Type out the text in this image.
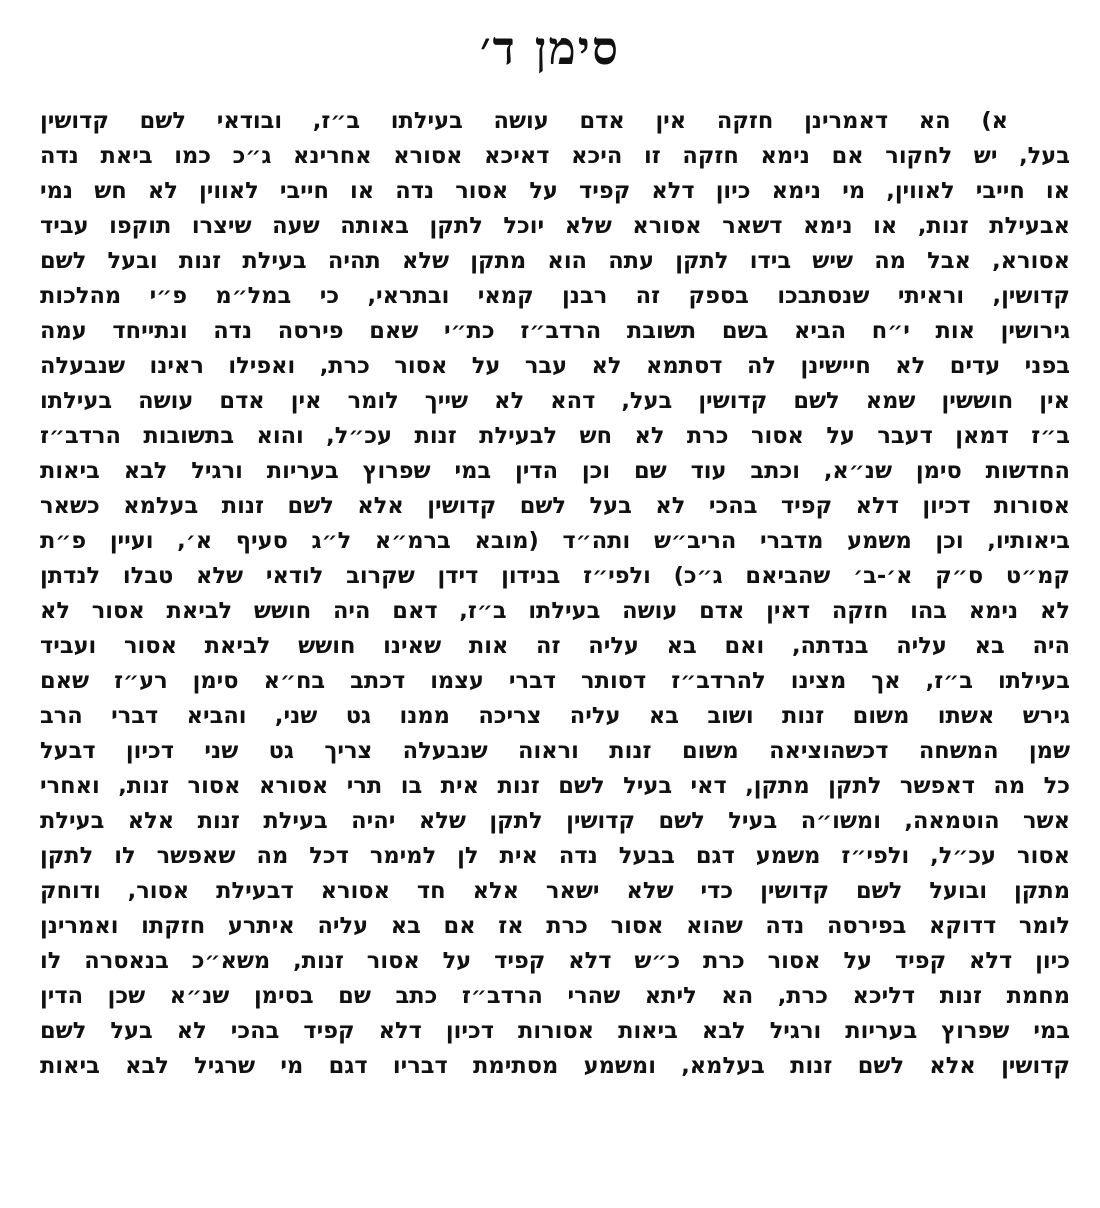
סימן ד׳
א) הא דאמרינן חזקה אין אדם עושה בעילתו ב״ז, ובודאי לשם קדושין
בעל, יש לחקור אם נימא חזקה זו היכא דאיכא אסורא אחרינא ג״כ כמו ביאת נדה
או חייבי לאווין, מי נימא כיון דלא קפיד על אסור נדה או חייבי לאווין לא חש נמי
אבעילת זנות, או נימא דשאר אסורא שלא יוכל לתקן באותה שעה שיצרו תוקפו עביד
אסורא, אבל מה שיש בידו לתקן עתה הוא מתקן שלא תהיה בעילת זנות ובעל לשם
קדושין, וראיתי שנסתבכו בספק זה רבנן קמאי ובתראי, כי במל״מ פ״י מהלכות
גירושין אות י״ח הביא בשם תשובת הרדב״ז כת״י שאם פירסה נדה ונתייחד עמה
בפני עדים לא חיישינן לה דסתמא לא עבר על אסור כרת, ואפילו ראינו שנבעלה
אין חוששין שמא לשם קדושין בעל, דהא לא שייך לומר אין אדם עושה בעילתו
ב״ז דמאן דעבר על אסור כרת לא חש לבעילת זנות עכ״ל, והוא בתשובות הרדב״ז
החדשות סימן שנ״א, וכתב עוד שם וכן הדין במי שפרוץ בעריות ורגיל לבא ביאות
אסורות דכיון דלא קפיד בהכי לא בעל לשם קדושין אלא לשם זנות בעלמא כשאר
ביאותיו, וכן משמע מדברי הריב״ש ותה״ד (מובא ברמ״א ל״ג סעיף א׳, ועיין פ״ת
קמ״ט ס״ק א׳-ב׳ שהביאם ג״כ) ולפי״ז בנידון דידן שקרוב לודאי שלא טבלו לנדתן
לא נימא בהו חזקה דאין אדם עושה בעילתו ב״ז, דאם היה חושש לביאת אסור לא
היה בא עליה בנדתה, ואם בא עליה זה אות שאינו חושש לביאת אסור ועביד
בעילתו ב״ז, אך מצינו להרדב״ז דסותר דברי עצמו דכתב בח״א סימן רע״ז שאם
גירש אשתו משום זנות ושוב בא עליה צריכה ממנו גט שני, והביא דברי הרב
שמן המשחה דכשהוציאה משום זנות וראוה שנבעלה צריך גט שני דכיון דבעל
כל מה דאפשר לתקן מתקן, דאי בעיל לשם זנות אית בו תרי אסורא אסור זנות, ואחרי
אשר הוטמאה, ומשו״ה בעיל לשם קדושין לתקן שלא יהיה בעילת זנות אלא בעילת
אסור עכ״ל, ולפי״ז משמע דגם בבעל נדה אית לן למימר דכל מה שאפשר לו לתקן
מתקן ובועל לשם קדושין כדי שלא ישאר אלא חד אסורא דבעילת אסור, ודוחק
לומר דדוקא בפירסה נדה שהוא אסור כרת אז אם בא עליה איתרע חזקתו ואמרינן
כיון דלא קפיד על אסור כרת כ״ש דלא קפיד על אסור זנות, משא״כ בנאסרה לו
מחמת זנות דליכא כרת, הא ליתא שהרי הרדב״ז כתב שם בסימן שנ״א שכן הדין
במי שפרוץ בעריות ורגיל לבא ביאות אסורות דכיון דלא קפיד בהכי לא בעל לשם
קדושין אלא לשם זנות בעלמא, ומשמע מסתימת דבריו דגם מי שרגיל לבא ביאות
